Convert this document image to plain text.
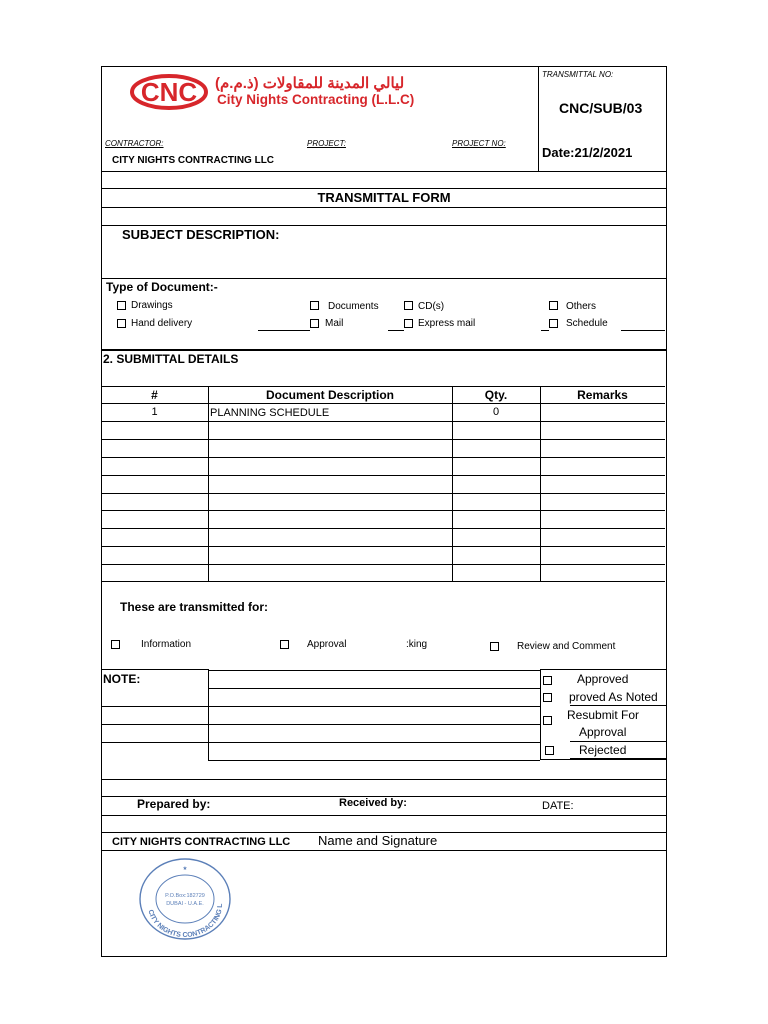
TRANSMITTAL NO:
CNC/SUB/03
Date:21/2/2021
CNC ليالي المدينة للمقاولات (ذ.م.م)
City Nights Contracting (L.L.C)
CONTRACTOR:	PROJECT:	PROJECT NO:
CITY NIGHTS CONTRACTING LLC
TRANSMITTAL FORM
SUBJECT DESCRIPTION:
Type of Document:-
Drawings
Hand delivery
Documents
Mail
CD(s)
Express mail
Others
Schedule
2. SUBMITTAL DETAILS
#	Document Description	Qty.	Remarks
1	PLANNING SCHEDULE	0
These are transmitted for:
Information	Approval	:king	Review and Comment
NOTE:	Approved
proved As Noted
Resubmit For
Approval
Rejected
Prepared by:	Received by:	DATE:
CITY NIGHTS CONTRACTING LLC Name and Signature
CITY NIGHTS CONTRACTING L
P.O.Box:182729
DUBAI - U.A.E.
★
